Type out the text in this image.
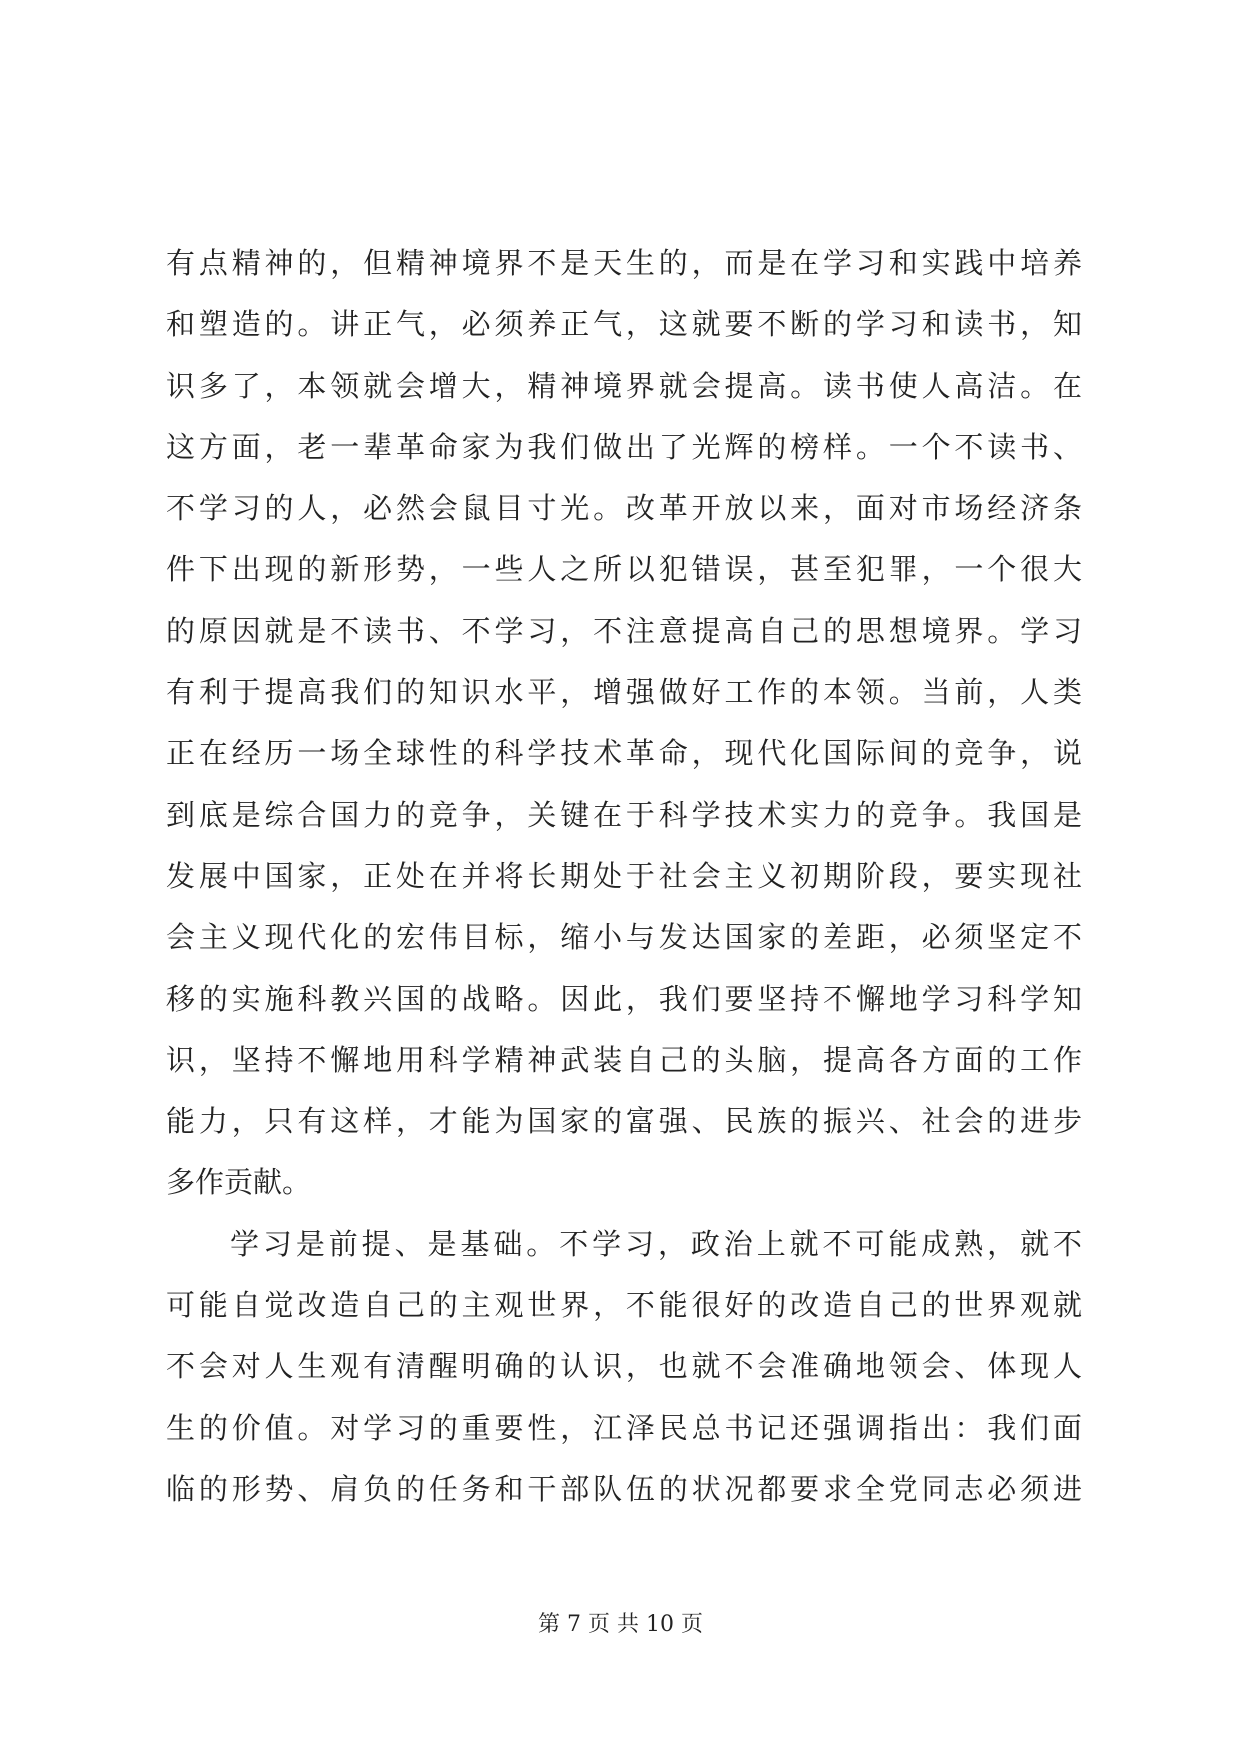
有点精神的，但精神境界不是天生的，而是在学习和实践中培养
和塑造的。讲正气，必须养正气，这就要不断的学习和读书，知
识多了，本领就会增大，精神境界就会提高。读书使人高洁。在
这方面，老一辈革命家为我们做出了光辉的榜样。一个不读书、
不学习的人，必然会鼠目寸光。改革开放以来，面对市场经济条
件下出现的新形势，一些人之所以犯错误，甚至犯罪，一个很大
的原因就是不读书、不学习，不注意提高自己的思想境界。学习
有利于提高我们的知识水平，增强做好工作的本领。当前，人类
正在经历一场全球性的科学技术革命，现代化国际间的竞争，说
到底是综合国力的竞争，关键在于科学技术实力的竞争。我国是
发展中国家，正处在并将长期处于社会主义初期阶段，要实现社
会主义现代化的宏伟目标，缩小与发达国家的差距，必须坚定不
移的实施科教兴国的战略。因此，我们要坚持不懈地学习科学知
识，坚持不懈地用科学精神武装自己的头脑，提高各方面的工作
能力，只有这样，才能为国家的富强、民族的振兴、社会的进步
多作贡献。
学习是前提、是基础。不学习，政治上就不可能成熟，就不
可能自觉改造自己的主观世界，不能很好的改造自己的世界观就
不会对人生观有清醒明确的认识，也就不会准确地领会、体现人
生的价值。对学习的重要性，江泽民总书记还强调指出：我们面
临的形势、肩负的任务和干部队伍的状况都要求全党同志必须进
第 7 页 共 10 页
